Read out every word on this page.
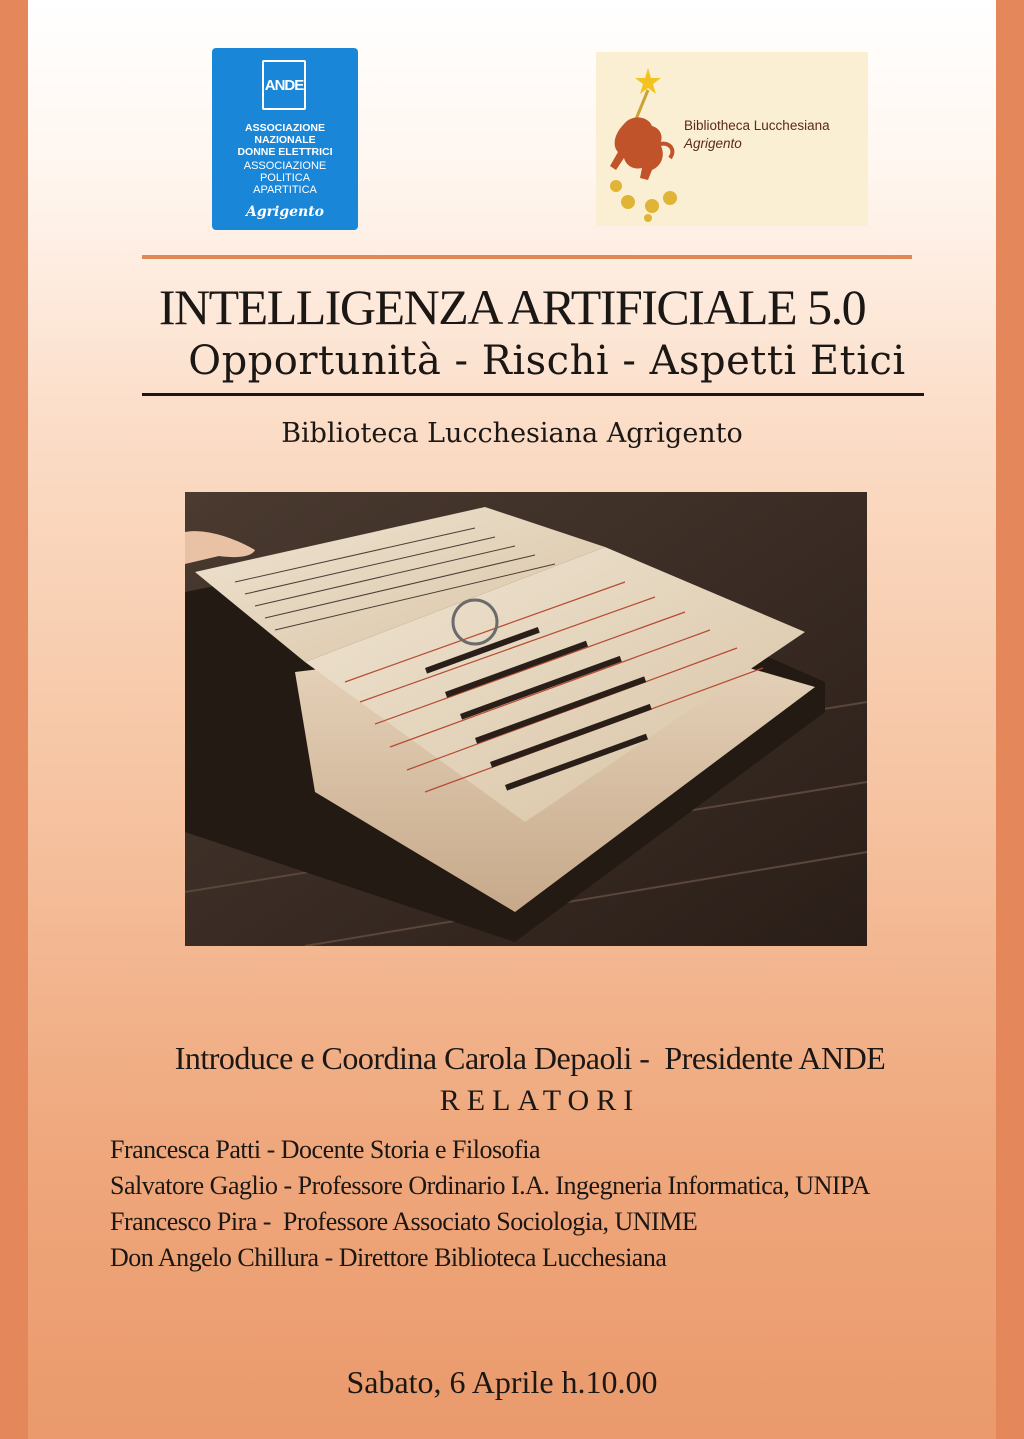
ANDE
ASSOCIAZIONE
NAZIONALE
DONNE ELETTRICI
ASSOCIAZIONE
POLITICA
APARTITICA
Agrigento
Bibliotheca Lucchesiana
Agrigento
INTELLIGENZA ARTIFICIALE 5.0
Opportunità - Rischi - Aspetti Etici
Biblioteca Lucchesiana Agrigento
Introduce e Coordina Carola Depaoli -  Presidente ANDE
RELATORI
Francesca Patti - Docente Storia e Filosofia
Salvatore Gaglio - Professore Ordinario I.A. Ingegneria Informatica, UNIPA
Francesco Pira -  Professore Associato Sociologia, UNIME
Don Angelo Chillura - Direttore Biblioteca Lucchesiana
Sabato, 6 Aprile h.10.00
